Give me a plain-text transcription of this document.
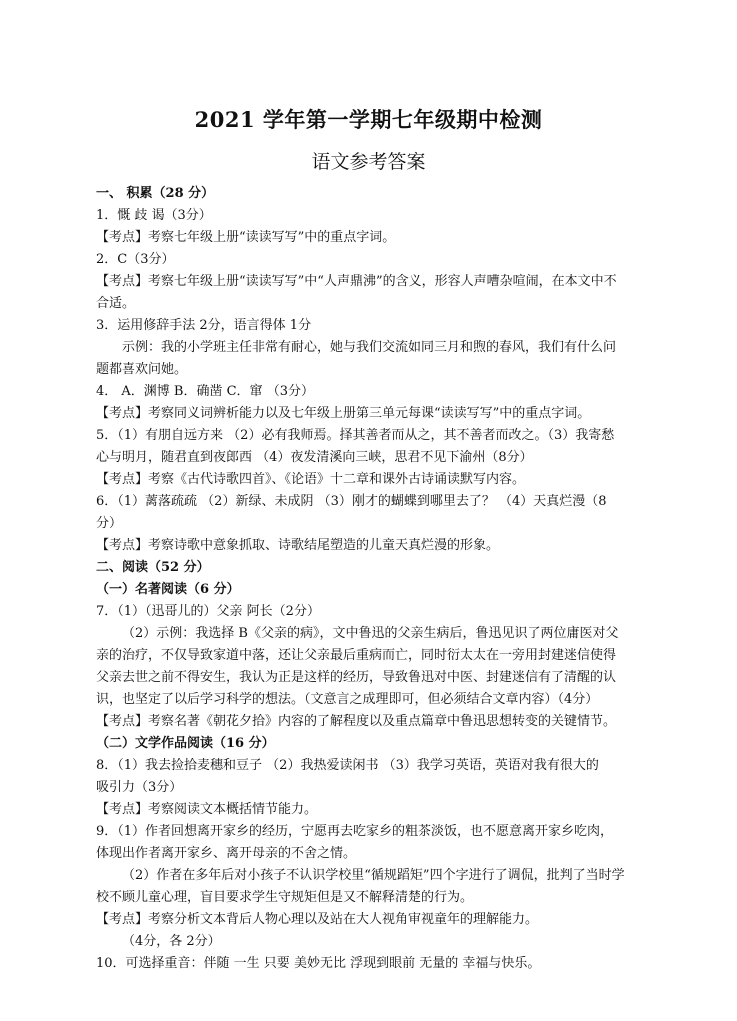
2021 学年第一学期七年级期中检测
语文参考答案
一、 积累（28 分）
1．慨 歧 谒（3分）
【考点】考察七年级上册“读读写写”中的重点字词。
2．C（3分）
【考点】考察七年级上册“读读写写”中“人声鼎沸”的含义，形容人声嘈杂喧闹，在本文中不
合适。
3．运用修辞手法 2分，语言得体 1分
示例：我的小学班主任非常有耐心，她与我们交流如同三月和煦的春风，我们有什么问
题都喜欢问她。
4． A．渊博 B．确凿 C．窜 （3分）
【考点】考察同义词辨析能力以及七年级上册第三单元每课“读读写写”中的重点字词。
5．（1）有朋自远方来 （2）必有我师焉。择其善者而从之，其不善者而改之。（3）我寄愁
心与明月，随君直到夜郎西 （4）夜发清溪向三峡，思君不见下渝州（8分）
【考点】考察《古代诗歌四首》、《论语》十二章和课外古诗诵读默写内容。
6．（1）蓠落疏疏 （2）新绿、未成阴 （3）刚才的蝴蝶到哪里去了？ （4）天真烂漫（8
分）
【考点】考察诗歌中意象抓取、诗歌结尾塑造的儿童天真烂漫的形象。
二、阅读（52 分）
（一）名著阅读（6 分）
7．（1）（迅哥儿的）父亲 阿长（2分）
（2）示例：我选择 B《父亲的病》，文中鲁迅的父亲生病后，鲁迅见识了两位庸医对父
亲的治疗，不仅导致家道中落，还让父亲最后重病而亡，同时衍太太在一旁用封建迷信使得
父亲去世之前不得安生，我认为正是这样的经历，导致鲁迅对中医、封建迷信有了清醒的认
识，也坚定了以后学习科学的想法。（文意言之成理即可，但必须结合文章内容）（4分）
【考点】考察名著《朝花夕拾》内容的了解程度以及重点篇章中鲁迅思想转变的关键情节。
（二）文学作品阅读（16 分）
8．（1）我去捡拾麦穗和豆子 （2）我热爱读闲书 （3）我学习英语，英语对我有很大的
吸引力（3分）
【考点】考察阅读文本概括情节能力。
9．（1）作者回想离开家乡的经历，宁愿再去吃家乡的粗茶淡饭，也不愿意离开家乡吃肉，
体现出作者离开家乡、离开母亲的不舍之情。
（2）作者在多年后对小孩子不认识学校里“循规蹈矩”四个字进行了调侃，批判了当时学
校不顾儿童心理，盲目要求学生守规矩但是又不解释清楚的行为。
【考点】考察分析文本背后人物心理以及站在大人视角审视童年的理解能力。
（4分，各 2分）
10．可选择重音：伴随 一生 只要 美妙无比 浮现到眼前 无量的 幸福与快乐。
